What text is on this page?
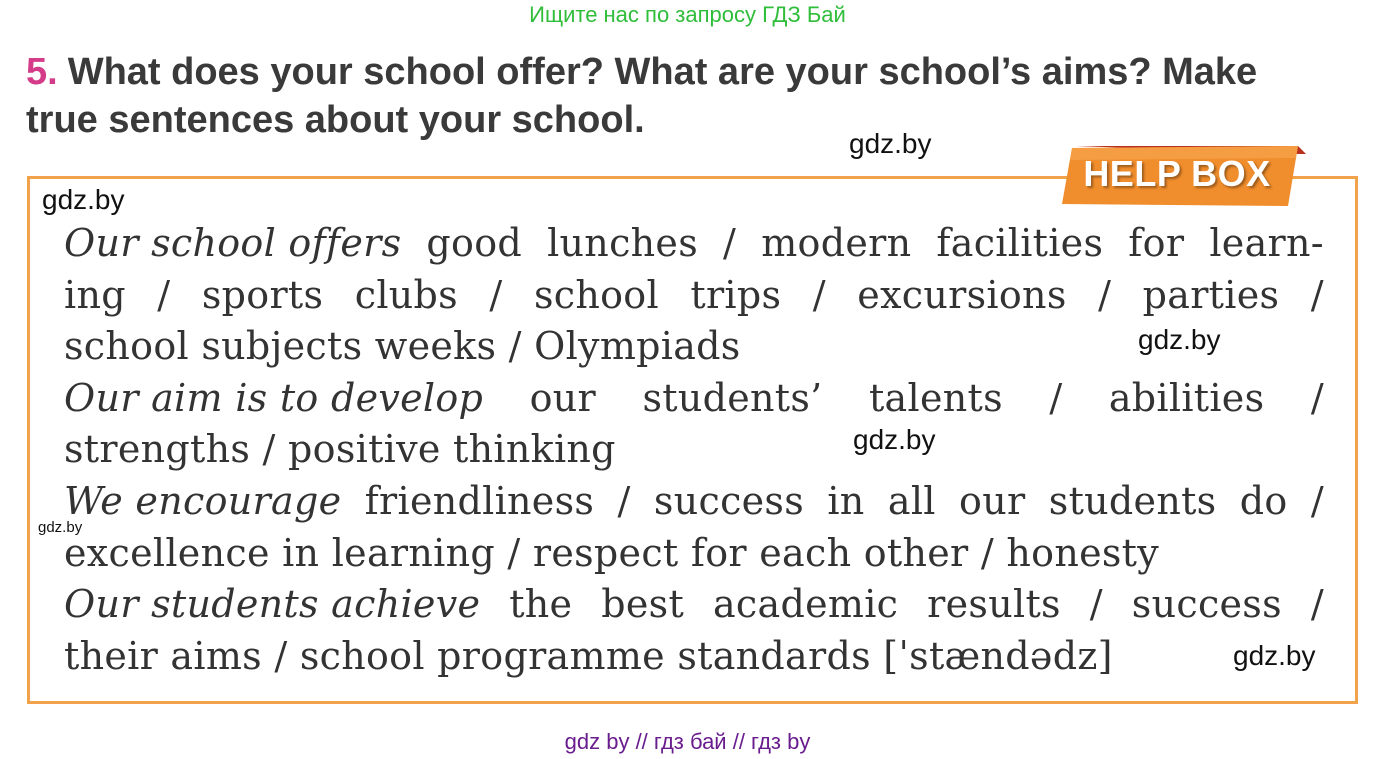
Ищите нас по запросу ГДЗ Бай
5. What does your school offer? What are your school’s aims? Make
true sentences about your school.
HELP BOX
Our school offers good lunches / modern facilities for learn-
ing / sports clubs / school trips / excursions / parties /
school subjects weeks / Olympiads
Our aim is to develop our students’ talents / abilities /
strengths / positive thinking
We encourage friendliness / success in all our students do /
excellence in learning / respect for each other / honesty
Our students achieve the best academic results / success /
their aims / school programme standards [ˈstændədz]
gdz.by
gdz.by
gdz.by
gdz.by
gdz.by
gdz.by
gdz by // гдз бай // гдз by
